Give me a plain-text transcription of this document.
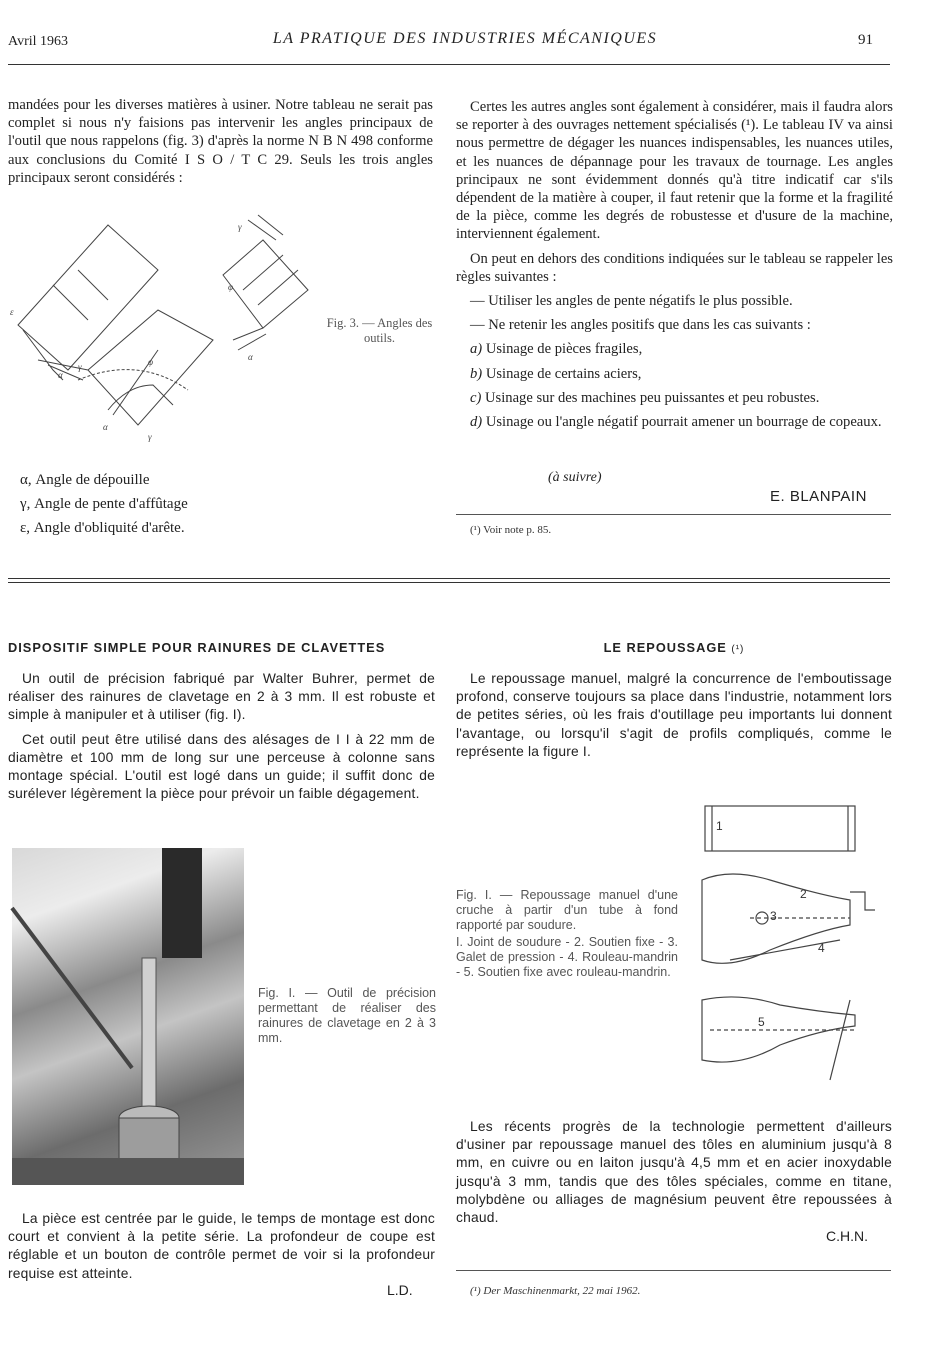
Avril 1963	LA PRATIQUE DES INDUSTRIES MÉCANIQUES	91

mandées pour les diverses matières à usiner. Notre tableau ne serait pas complet si nous n'y faisions pas intervenir les angles principaux de l'outil que nous rappelons (fig. 3) d'après la norme N B N 498 conforme aux conclusions du Comité I S O / T C 29. Seuls les trois angles principaux seront considérés :

ε
α
γ	φ
α
γ
γ
φ
α
Fig. 3. — Angles des outils.
α, Angle de dépouille
γ, Angle de pente d'affûtage
ε, Angle d'obliquité d'arête.

Certes les autres angles sont également à considérer, mais il faudra alors se reporter à des ouvrages nettement spécialisés (¹). Le tableau IV va ainsi nous permettre de dégager les nuances indispensables, les nuances utiles, et les nuances de dépannage pour les travaux de tournage. Les angles principaux ne sont évidemment donnés qu'à titre indicatif car s'ils dépendent de la matière à couper, il faut retenir que la forme et la fragilité de la pièce, comme les degrés de robustesse et d'usure de la machine, interviennent également.

On peut en dehors des conditions indiquées sur le tableau se rappeler les règles suivantes :

— Utiliser les angles de pente négatifs le plus possible.

— Ne retenir les angles positifs que dans les cas suivants :

a) Usinage de pièces fragiles,

b) Usinage de certains aciers,

c) Usinage sur des machines peu puissantes et peu robustes.

d) Usinage ou l'angle négatif pourrait amener un bourrage de copeaux.

(à suivre)
E. BLANPAIN
(¹) Voir note p. 85.
DISPOSITIF SIMPLE POUR RAINURES DE CLAVETTES

Un outil de précision fabriqué par Walter Buhrer, permet de réaliser des rainures de clavetage en 2 à 3 mm. Il est robuste et simple à manipuler et à utiliser (fig. I).

Cet outil peut être utilisé dans des alésages de I I à 22 mm de diamètre et 100 mm de long sur une perceuse à colonne sans montage spécial. L'outil est logé dans un guide; il suffit donc de surélever légèrement la pièce pour prévoir un faible dégagement.

Fig. I. — Outil de précision permettant de réaliser des rainures de clavetage en 2 à 3 mm.

La pièce est centrée par le guide, le temps de montage est donc court et convient à la petite série. La profondeur de coupe est réglable et un bouton de contrôle permet de voir si la profondeur requise est atteinte.

L.D.
LE REPOUSSAGE (¹)

Le repoussage manuel, malgré la concurrence de l'emboutissage profond, conserve toujours sa place dans l'industrie, notamment lors de petites séries, où les frais d'outillage peu importants lui donnent l'avantage, ou lorsqu'il s'agit de profils compliqués, comme le représente la figure I.

1
2
3
4
5
Fig. I. — Repoussage manuel d'une cruche à partir d'un tube à fond rapporté par soudure.
I. Joint de soudure - 2. Soutien fixe - 3. Galet de pression - 4. Rouleau-mandrin - 5. Soutien fixe avec rouleau-mandrin.

Les récents progrès de la technologie permettent d'ailleurs d'usiner par repoussage manuel des tôles en aluminium jusqu'à 8 mm, en cuivre ou en laiton jusqu'à 4,5 mm et en acier inoxydable jusqu'à 3 mm, tandis que des tôles spéciales, comme en titane, molybdène ou alliages de magnésium peuvent être repoussées à chaud.

C.H.N.
(¹) Der Maschinenmarkt, 22 mai 1962.
